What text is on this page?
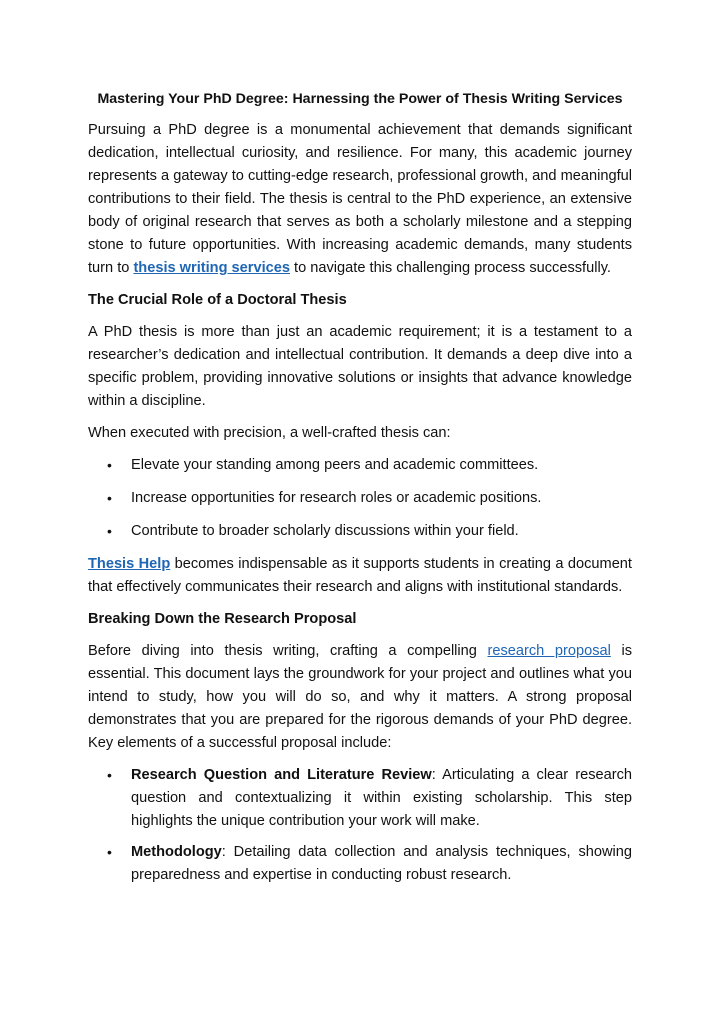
Mastering Your PhD Degree: Harnessing the Power of Thesis Writing Services

Pursuing a PhD degree is a monumental achievement that demands significant dedication, intellectual curiosity, and resilience. For many, this academic journey represents a gateway to cutting-edge research, professional growth, and meaningful contributions to their field. The thesis is central to the PhD experience, an extensive body of original research that serves as both a scholarly milestone and a stepping stone to future opportunities. With increasing academic demands, many students turn to thesis writing services to navigate this challenging process successfully.

The Crucial Role of a Doctoral Thesis

A PhD thesis is more than just an academic requirement; it is a testament to a researcher’s dedication and intellectual contribution. It demands a deep dive into a specific problem, providing innovative solutions or insights that advance knowledge within a discipline.

When executed with precision, a well-crafted thesis can:

• Elevate your standing among peers and academic committees.
• Increase opportunities for research roles or academic positions.
• Contribute to broader scholarly discussions within your field.

Thesis Help becomes indispensable as it supports students in creating a document that effectively communicates their research and aligns with institutional standards.

Breaking Down the Research Proposal

Before diving into thesis writing, crafting a compelling research proposal is essential. This document lays the groundwork for your project and outlines what you intend to study, how you will do so, and why it matters. A strong proposal demonstrates that you are prepared for the rigorous demands of your PhD degree. Key elements of a successful proposal include:

• Research Question and Literature Review: Articulating a clear research question and contextualizing it within existing scholarship. This step highlights the unique contribution your work will make.
• Methodology: Detailing data collection and analysis techniques, showing preparedness and expertise in conducting robust research.
